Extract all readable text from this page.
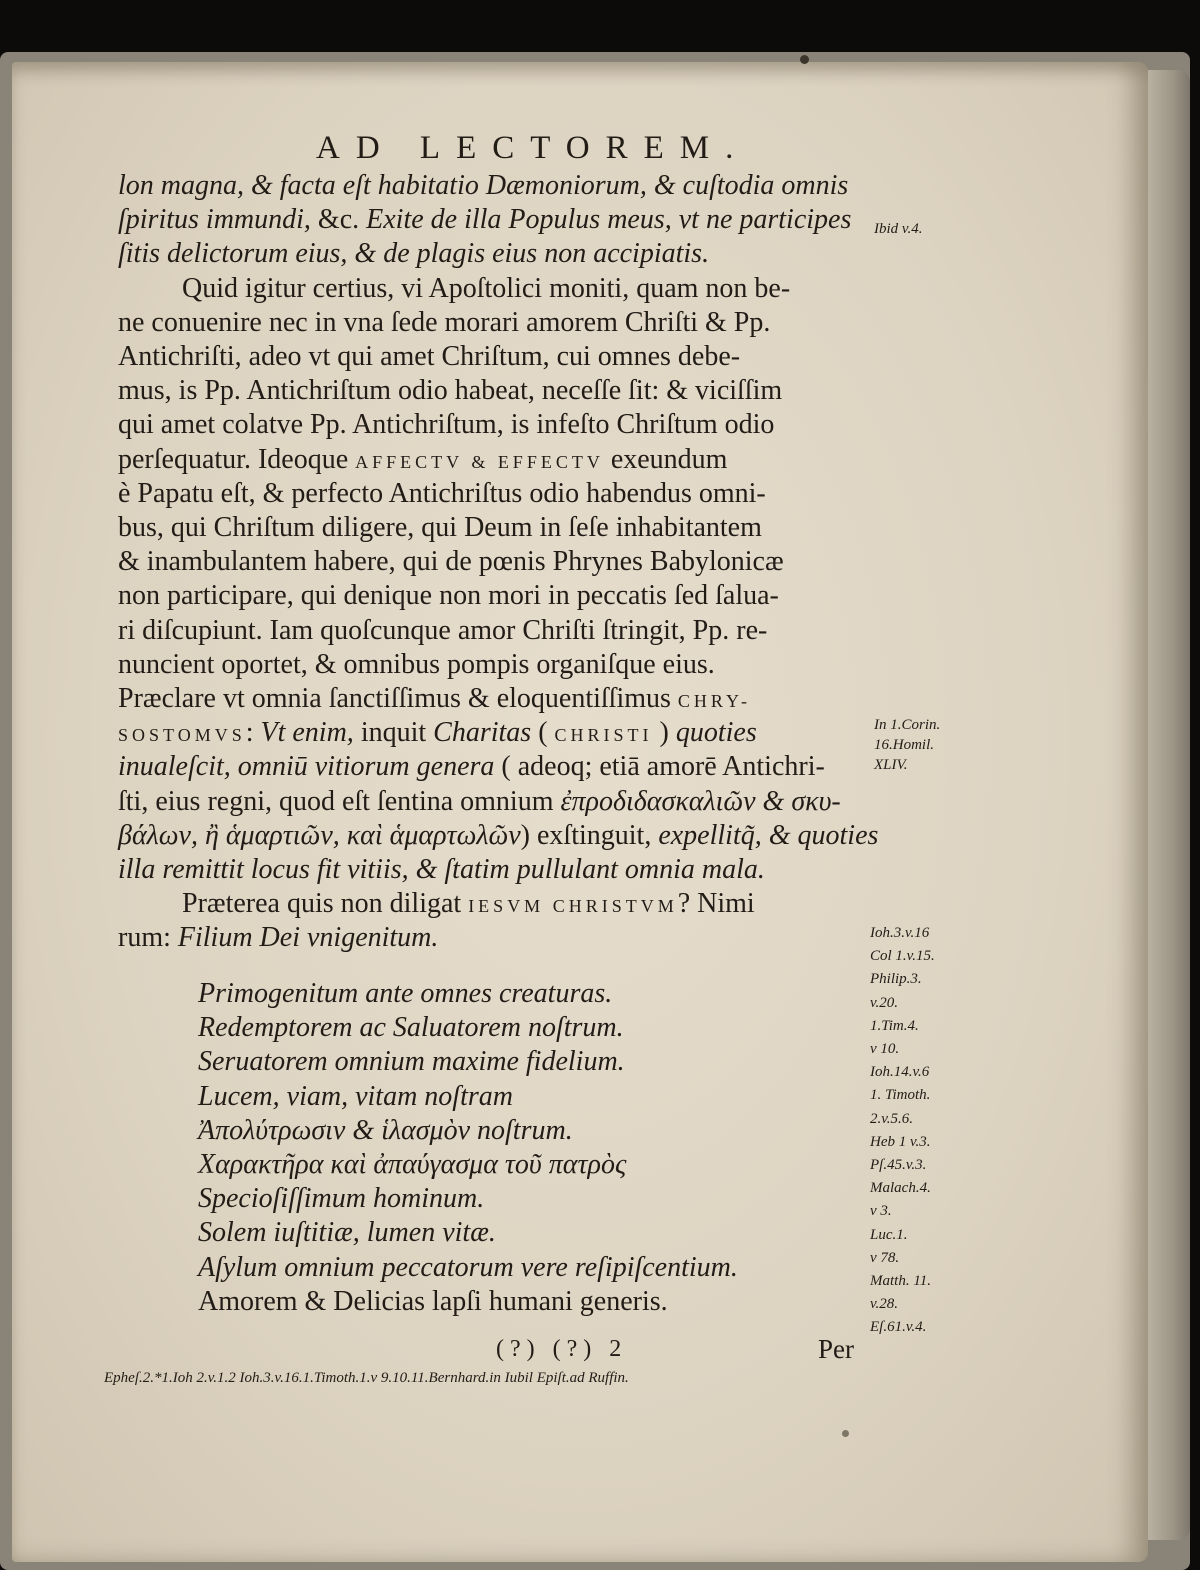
AD LECTOREM.
lon magna, & facta eſt habitatio Dæmoniorum, & cuſtodia omnis
ſpiritus immundi, &c. Exite de illa Populus meus, vt ne participes
ſitis delictorum eius, & de plagis eius non accipiatis.
Quid igitur certius, vi Apoſtolici moniti, quam non be-
ne conuenire nec in vna ſede morari amorem Chriſti & Pp.
Antichriſti, adeo vt qui amet Chriſtum, cui omnes debe-
mus, is Pp. Antichriſtum odio habeat, neceſſe ſit: & viciſſim
qui amet colatve Pp. Antichriſtum, is infeſto Chriſtum odio
perſequatur. Ideoque AFFECTV & EFFECTV exeundum
è Papatu eſt, & perfecto Antichriſtus odio habendus omni-
bus, qui Chriſtum diligere, qui Deum in ſeſe inhabitantem
& inambulantem habere, qui de pœnis Phrynes Babylonicæ
non participare, qui denique non mori in peccatis ſed ſalua-
ri diſcupiunt. Iam quoſcunque amor Chriſti ſtringit, Pp. re-
nuncient oportet, & omnibus pompis organiſque eius.
Præclare vt omnia ſanctiſſimus & eloquentiſſimus CHRY-
SOSTOMVS: Vt enim, inquit Charitas ( CHRISTI ) quoties
inualeſcit, omniū vitiorum genera ( adeoq; etiā amorē Antichri-
ſti, eius regni, quod eſt ſentina omnium ἐπροδιδασκαλιῶν & σκυ-
βάλων, ἢ ἁμαρτιῶν, καὶ ἁμαρτωλῶν) exſtinguit, expellitq̃, & quoties
illa remittit locus fit vitiis, & ſtatim pullulant omnia mala.
Præterea quis non diligat IESVM CHRISTVM? Nimi
rum: Filium Dei vnigenitum.
Primogenitum ante omnes creaturas.
Redemptorem ac Saluatorem noſtrum.
Seruatorem omnium maxime fidelium.
Lucem, viam, vitam noſtram
Ἀπολύτρωσιν & ἱλασμὸν noſtrum.
Χαρακτῆρα καὶ ἀπαύγασμα τοῦ πατρὸς
Specioſiſſimum hominum.
Solem iuſtitiæ, lumen vitæ.
Aſylum omnium peccatorum vere reſipiſcentium.
Amorem & Delicias lapſi humani generis.
Ibid v.4.
In 1.Corin.
16.Homil.
XLIV.
Ioh.3.v.16
Col 1.v.15.
Philip.3.
v.20.
1.Tim.4.
v 10.
Ioh.14.v.6
1. Timoth.
2.v.5.6.
Heb 1 v.3.
Pſ.45.v.3.
Malach.4.
v 3.
Luc.1.
v 78.
Matth. 11.
v.28.
Eſ.61.v.4.
(?) (?) 2	Per
Epheſ.2.*1.Ioh 2.v.1.2 Ioh.3.v.16.1.Timoth.1.v 9.10.11.Bernhard.in Iubil Epiſt.ad Ruffin.
